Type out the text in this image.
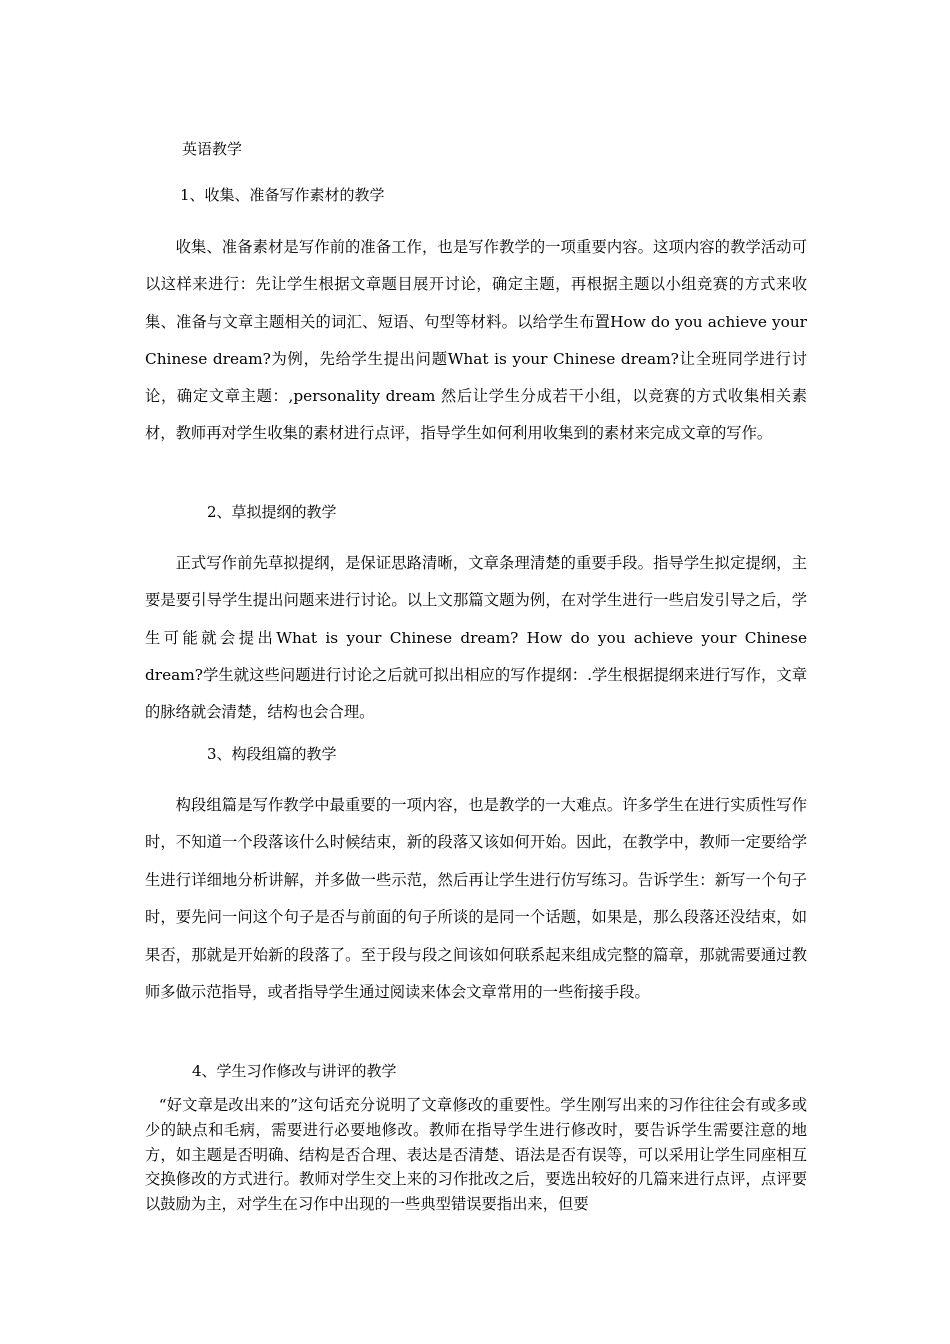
英语教学
1、收集、准备写作素材的教学

收集、准备素材是写作前的准备工作，也是写作教学的一项重要内容。这项内容的教学活动可以这样来进行：先让学生根据文章题目展开讨论，确定主题，再根据主题以小组竞赛的方式来收集、准备与文章主题相关的词汇、短语、句型等材料。以给学生布置How do you achieve your Chinese dream?为例，先给学生提出问题What is your Chinese dream?让全班同学进行讨论，确定文章主题：,personality dream 然后让学生分成若干小组，以竞赛的方式收集相关素材，教师再对学生收集的素材进行点评，指导学生如何利用收集到的素材来完成文章的写作。

2、草拟提纲的教学

正式写作前先草拟提纲，是保证思路清晰，文章条理清楚的重要手段。指导学生拟定提纲，主要是要引导学生提出问题来进行讨论。以上文那篇文题为例，在对学生进行一些启发引导之后，学生可能就会提出What is your Chinese dream? How do you achieve your Chinese dream?学生就这些问题进行讨论之后就可拟出相应的写作提纲：.学生根据提纲来进行写作，文章的脉络就会清楚，结构也会合理。

3、构段组篇的教学

构段组篇是写作教学中最重要的一项内容，也是教学的一大难点。许多学生在进行实质性写作时，不知道一个段落该什么时候结束，新的段落又该如何开始。因此，在教学中，教师一定要给学生进行详细地分析讲解，并多做一些示范，然后再让学生进行仿写练习。告诉学生：新写一个句子时，要先问一问这个句子是否与前面的句子所谈的是同一个话题，如果是，那么段落还没结束，如果否，那就是开始新的段落了。至于段与段之间该如何联系起来组成完整的篇章，那就需要通过教师多做示范指导，或者指导学生通过阅读来体会文章常用的一些衔接手段。

4、学生习作修改与讲评的教学

“好文章是改出来的”这句话充分说明了文章修改的重要性。学生刚写出来的习作往往会有或多或少的缺点和毛病，需要进行必要地修改。教师在指导学生进行修改时，要告诉学生需要注意的地方，如主题是否明确、结构是否合理、表达是否清楚、语法是否有误等，可以采用让学生同座相互交换修改的方式进行。教师对学生交上来的习作批改之后，要选出较好的几篇来进行点评，点评要以鼓励为主，对学生在习作中出现的一些典型错误要指出来，但要
